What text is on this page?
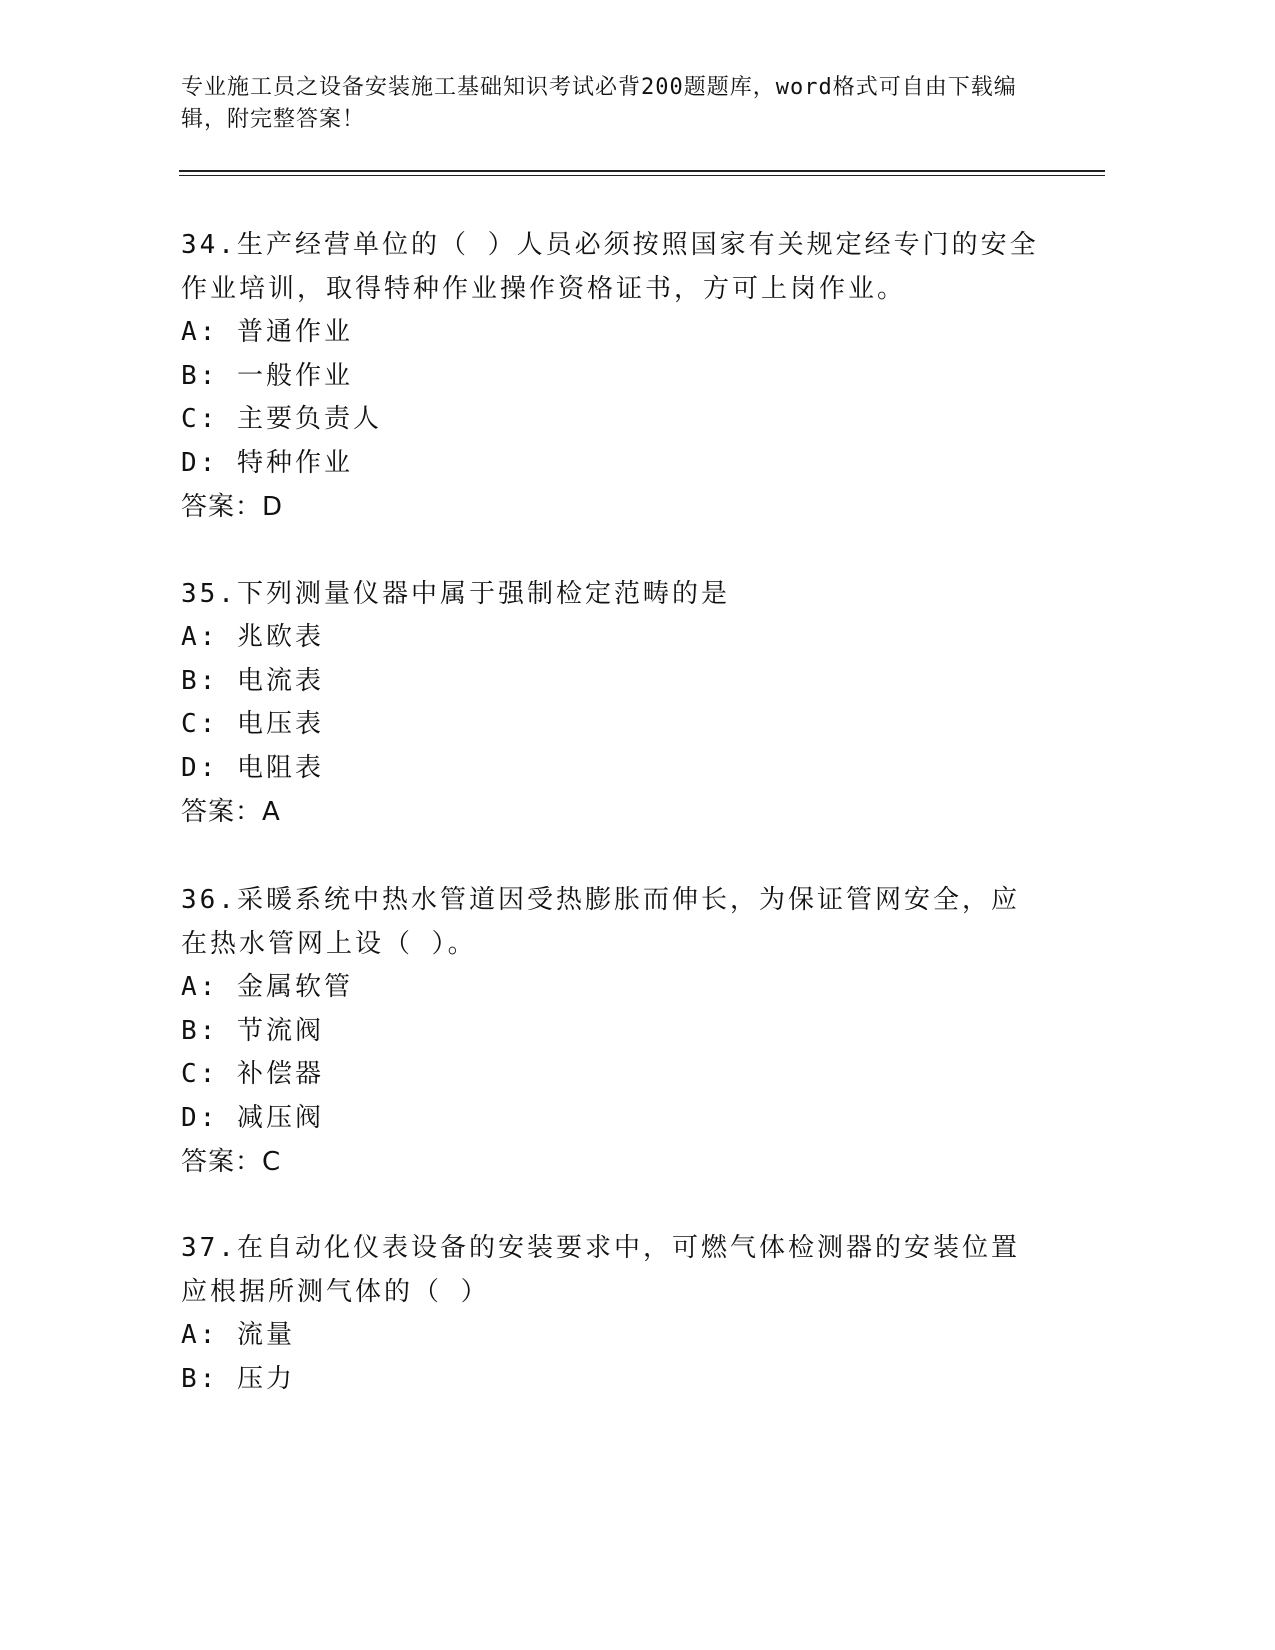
专业施工员之设备安装施工基础知识考试必背200题题库，word格式可自由下载编辑，附完整答案！
34.生产经营单位的（ ）人员必须按照国家有关规定经专门的安全作业培训，取得特种作业操作资格证书，方可上岗作业。
A: 普通作业
B: 一般作业
C: 主要负责人
D: 特种作业
答案：D
35.下列测量仪器中属于强制检定范畴的是
A: 兆欧表
B: 电流表
C: 电压表
D: 电阻表
答案：A
36.采暖系统中热水管道因受热膨胀而伸长，为保证管网安全，应在热水管网上设（ ）。
A: 金属软管
B: 节流阀
C: 补偿器
D: 减压阀
答案：C
37.在自动化仪表设备的安装要求中，可燃气体检测器的安装位置应根据所测气体的（ ）
A: 流量
B: 压力
